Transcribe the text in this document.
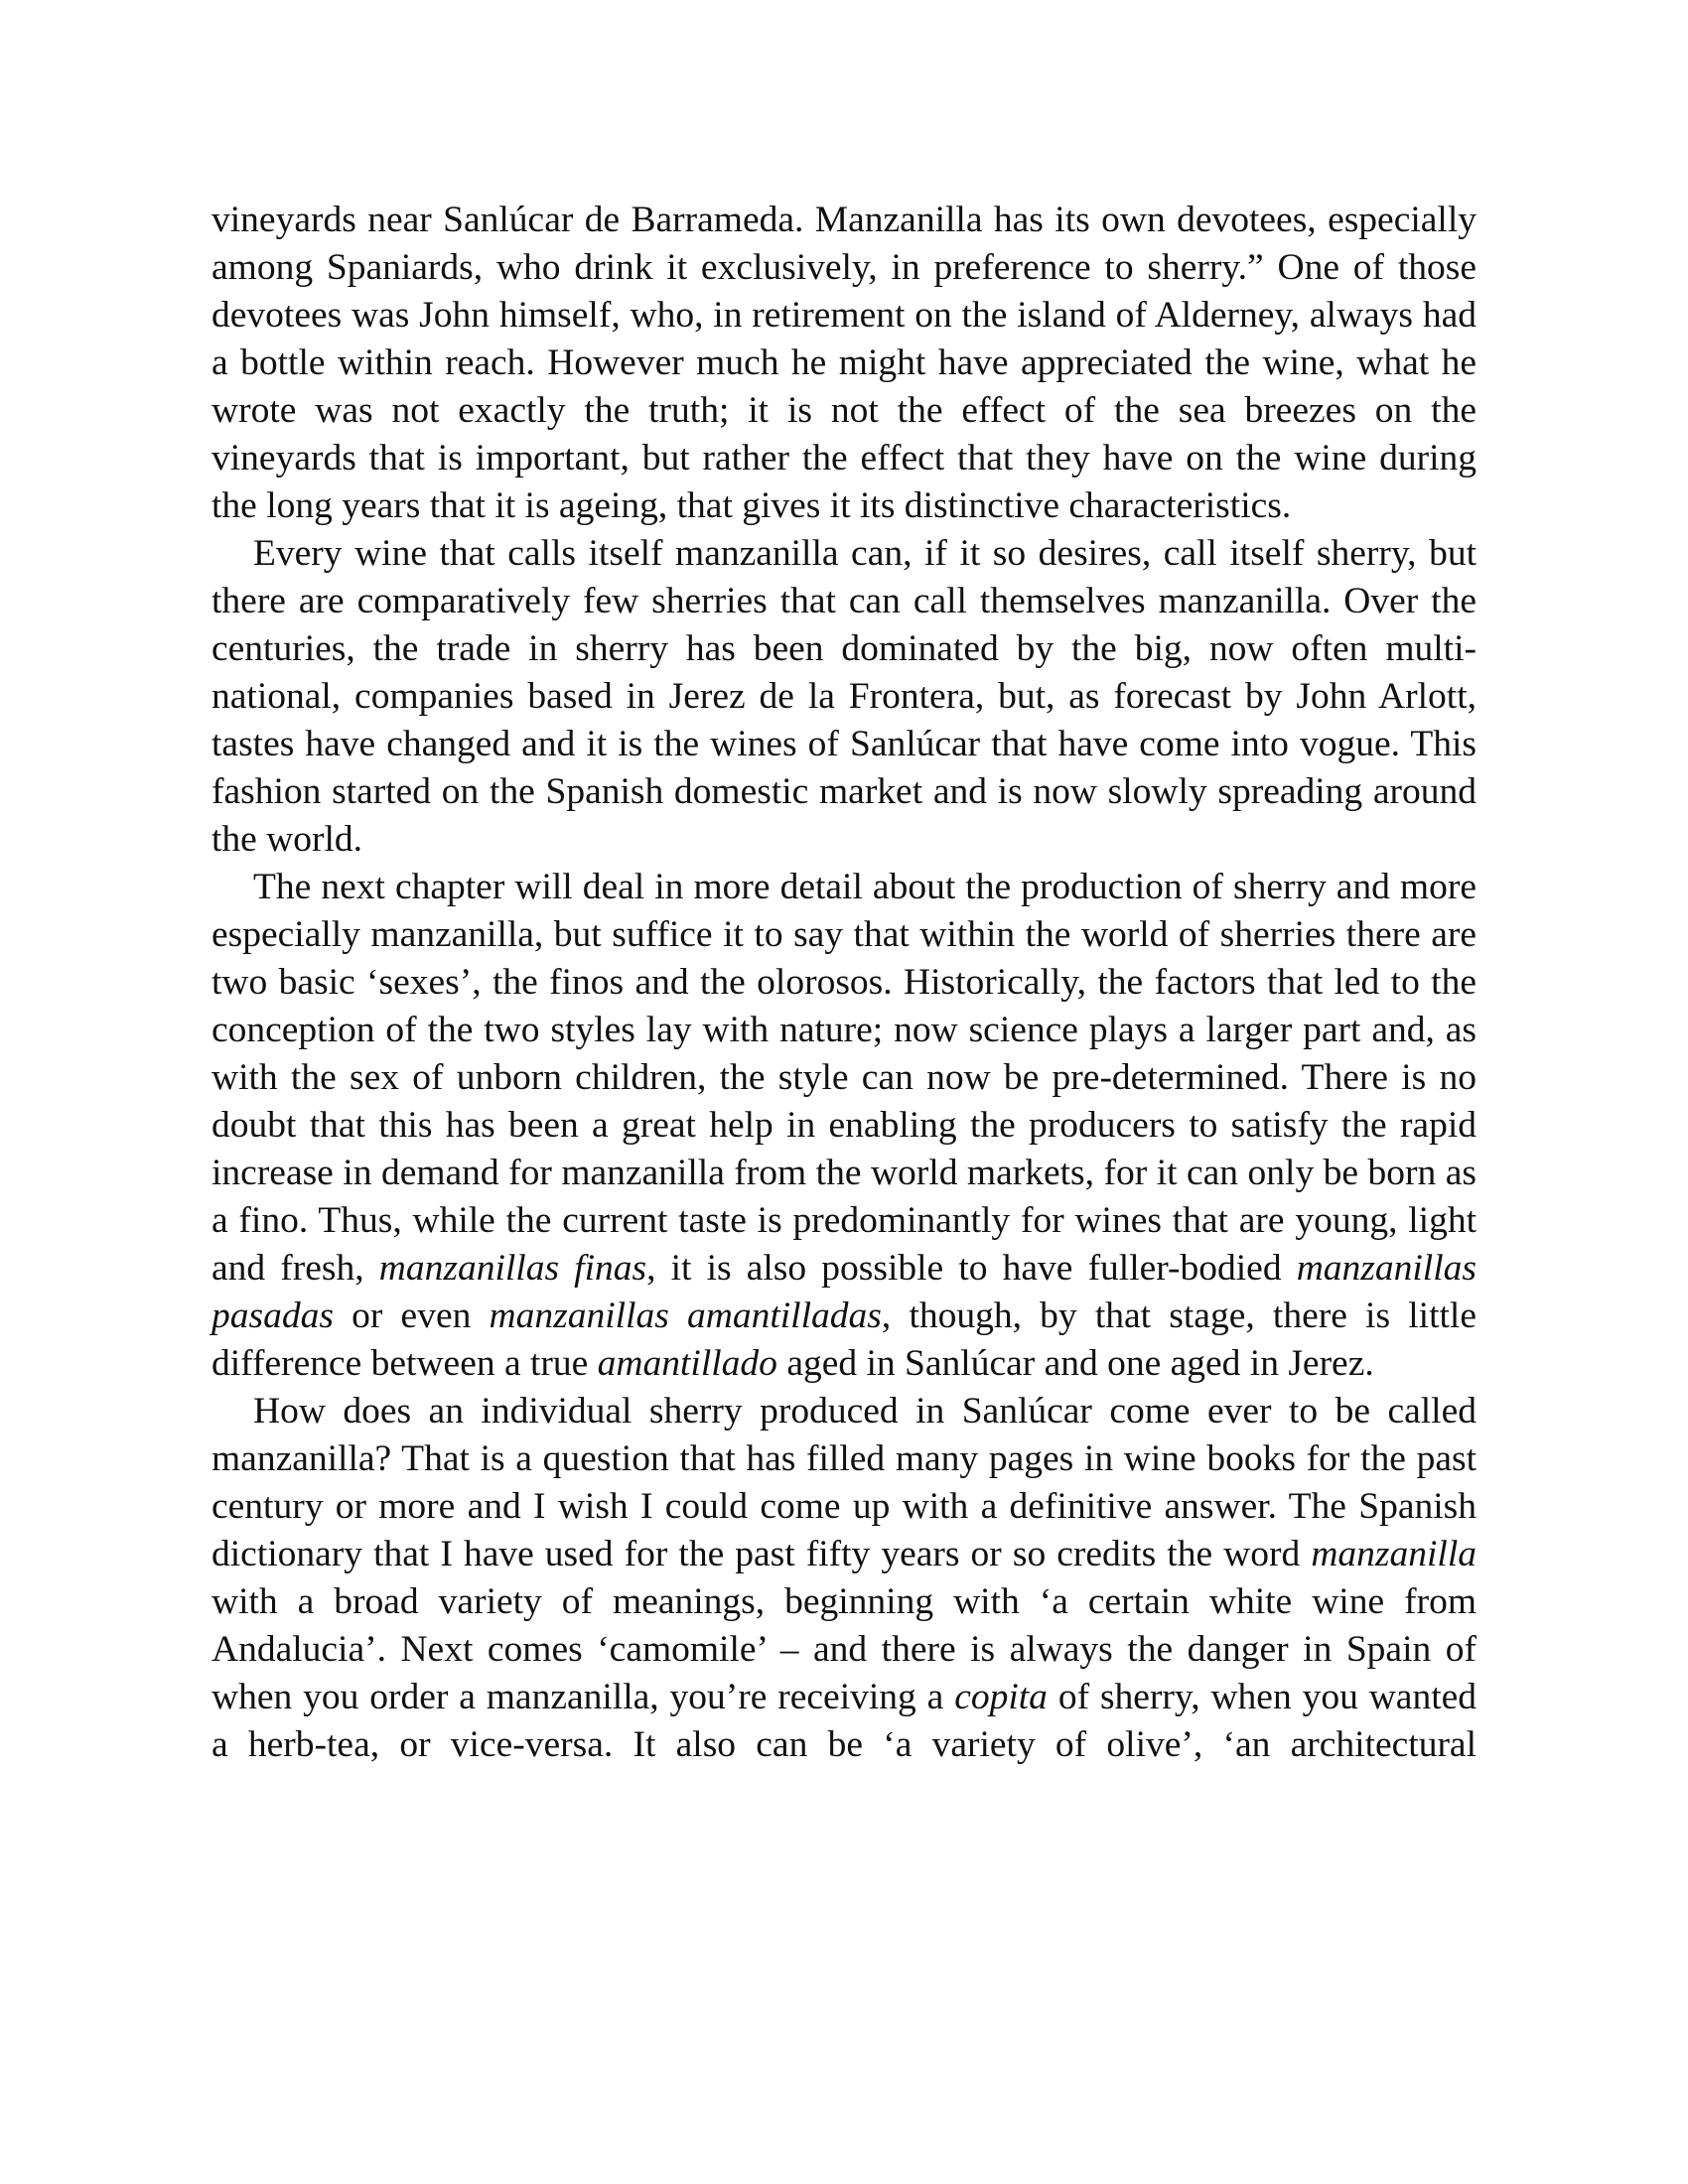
vineyards near Sanlúcar de Barrameda. Manzanilla has its own devotees, especially among Spaniards, who drink it exclusively, in preference to sherry.” One of those devotees was John himself, who, in retirement on the island of Alderney, always had a bottle within reach. However much he might have appreciated the wine, what he wrote was not exactly the truth; it is not the effect of the sea breezes on the vineyards that is important, but rather the effect that they have on the wine during the long years that it is ageing, that gives it its distinctive characteristics.

Every wine that calls itself manzanilla can, if it so desires, call itself sherry, but there are comparatively few sherries that can call themselves manzanilla. Over the centuries, the trade in sherry has been dominated by the big, now often multi-national, companies based in Jerez de la Frontera, but, as forecast by John Arlott, tastes have changed and it is the wines of Sanlúcar that have come into vogue. This fashion started on the Spanish domestic market and is now slowly spreading around the world.

The next chapter will deal in more detail about the production of sherry and more especially manzanilla, but suffice it to say that within the world of sherries there are two basic ‘sexes’, the finos and the olorosos. Historically, the factors that led to the conception of the two styles lay with nature; now science plays a larger part and, as with the sex of unborn children, the style can now be pre-determined. There is no doubt that this has been a great help in enabling the producers to satisfy the rapid increase in demand for manzanilla from the world markets, for it can only be born as a fino. Thus, while the current taste is predominantly for wines that are young, light and fresh, manzanillas finas, it is also possible to have fuller-bodied manzanillas pasadas or even manzanillas amantilladas, though, by that stage, there is little difference between a true amantillado aged in Sanlúcar and one aged in Jerez.

How does an individual sherry produced in Sanlúcar come ever to be called manzanilla? That is a question that has filled many pages in wine books for the past century or more and I wish I could come up with a definitive answer. The Spanish dictionary that I have used for the past fifty years or so credits the word manzanilla with a broad variety of meanings, beginning with ‘a certain white wine from Andalucia’. Next comes ‘camomile’ – and there is always the danger in Spain of when you order a manzanilla, you’re receiving a copita of sherry, when you wanted a herb-tea, or vice-versa. It also can be ‘a variety of olive’, ‘an architectural
